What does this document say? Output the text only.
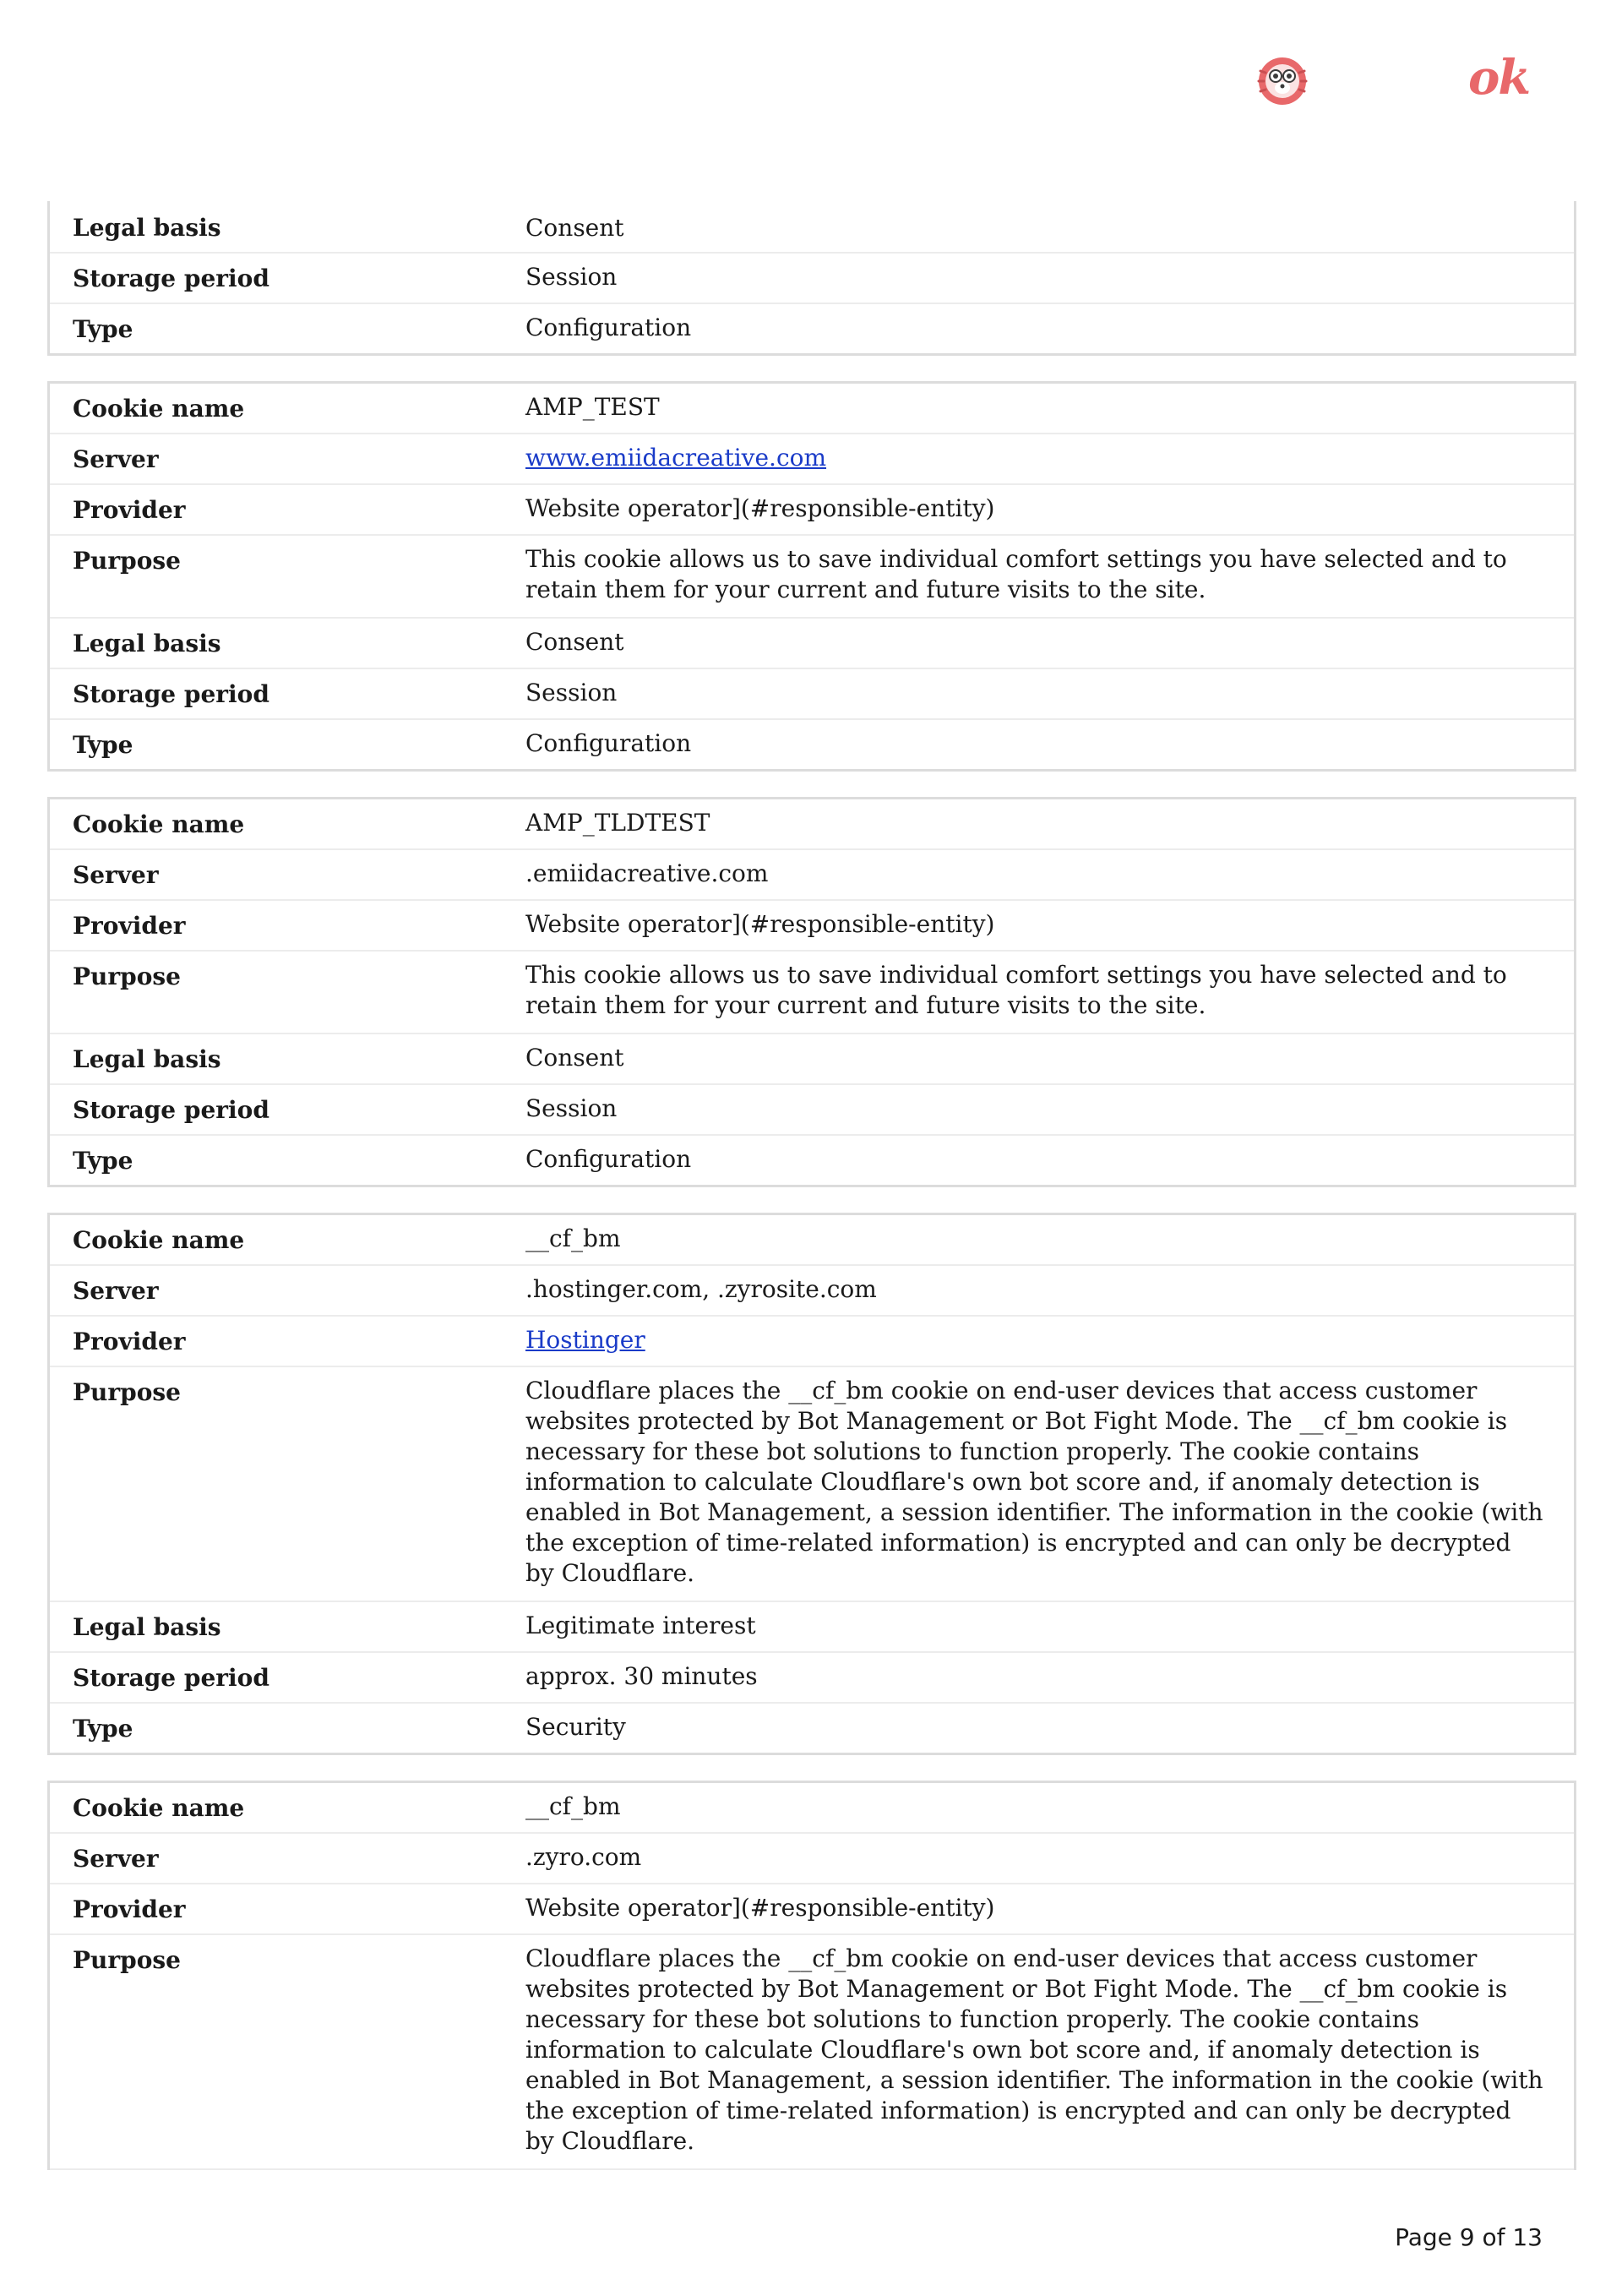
ok
Legal basis	Consent
Storage period	Session
Type	Configuration
Cookie name	AMP_TEST
Server	www.emiidacreative.com
Provider	Website operator](#responsible-entity)
Purpose	This cookie allows us to save individual comfort settings you have selected and to retain them for your current and future visits to the site.
Legal basis	Consent
Storage period	Session
Type	Configuration
Cookie name	AMP_TLDTEST
Server	.emiidacreative.com
Provider	Website operator](#responsible-entity)
Purpose	This cookie allows us to save individual comfort settings you have selected and to retain them for your current and future visits to the site.
Legal basis	Consent
Storage period	Session
Type	Configuration
Cookie name	__cf_bm
Server	.hostinger.com, .zyrosite.com
Provider	Hostinger
Purpose	Cloudflare places the __cf_bm cookie on end-user devices that access customer websites protected by Bot Management or Bot Fight Mode. The __cf_bm cookie is necessary for these bot solutions to function properly. The cookie contains information to calculate Cloudflare's own bot score and, if anomaly detection is enabled in Bot Management, a session identifier. The information in the cookie (with the exception of time-related information) is encrypted and can only be decrypted by Cloudflare.
Legal basis	Legitimate interest
Storage period	approx. 30 minutes
Type	Security
Cookie name	__cf_bm
Server	.zyro.com
Provider	Website operator](#responsible-entity)
Purpose	Cloudflare places the __cf_bm cookie on end-user devices that access customer websites protected by Bot Management or Bot Fight Mode. The __cf_bm cookie is necessary for these bot solutions to function properly. The cookie contains information to calculate Cloudflare's own bot score and, if anomaly detection is enabled in Bot Management, a session identifier. The information in the cookie (with the exception of time-related information) is encrypted and can only be decrypted by Cloudflare.
Page 9 of 13
